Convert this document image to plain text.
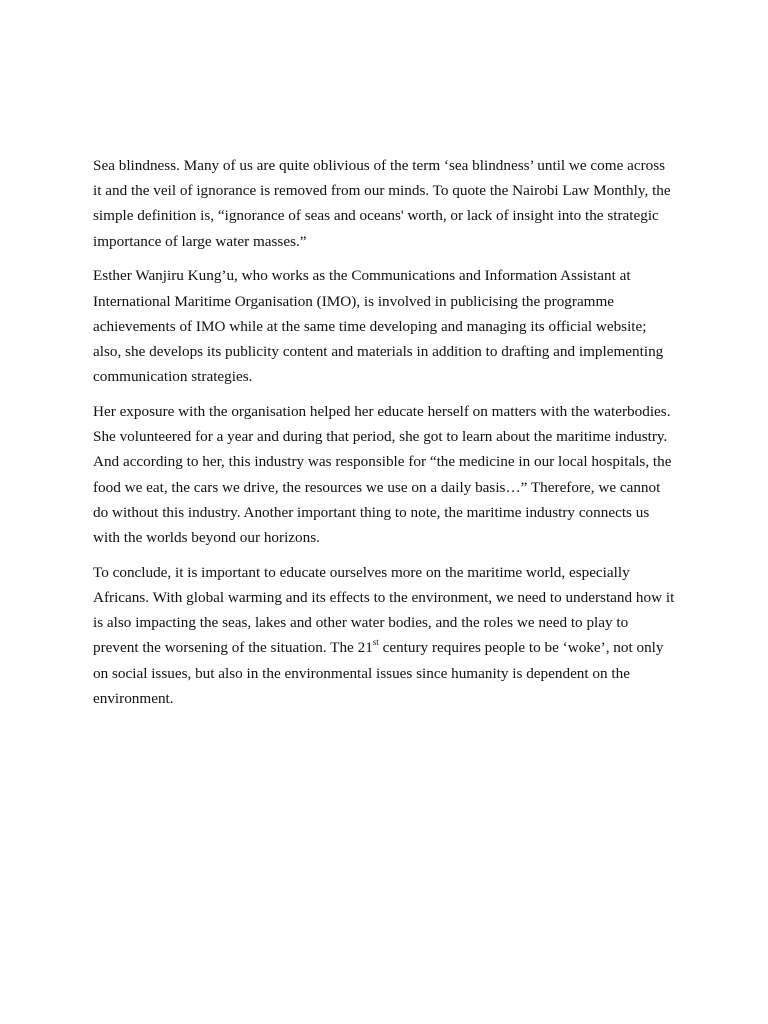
Sea blindness. Many of us are quite oblivious of the term ‘sea blindness’ until we come across it and the veil of ignorance is removed from our minds. To quote the Nairobi Law Monthly, the simple definition is, “ignorance of seas and oceans' worth, or lack of insight into the strategic importance of large water masses.”

Esther Wanjiru Kung’u, who works as the Communications and Information Assistant at International Maritime Organisation (IMO), is involved in publicising the programme achievements of IMO while at the same time developing and managing its official website; also, she develops its publicity content and materials in addition to drafting and implementing communication strategies.

Her exposure with the organisation helped her educate herself on matters with the waterbodies. She volunteered for a year and during that period, she got to learn about the maritime industry. And according to her, this industry was responsible for “the medicine in our local hospitals, the food we eat, the cars we drive, the resources we use on a daily basis…” Therefore, we cannot do without this industry. Another important thing to note, the maritime industry connects us with the worlds beyond our horizons.

To conclude, it is important to educate ourselves more on the maritime world, especially Africans. With global warming and its effects to the environment, we need to understand how it is also impacting the seas, lakes and other water bodies, and the roles we need to play to prevent the worsening of the situation. The 21st century requires people to be ‘woke’, not only on social issues, but also in the environmental issues since humanity is dependent on the environment.
